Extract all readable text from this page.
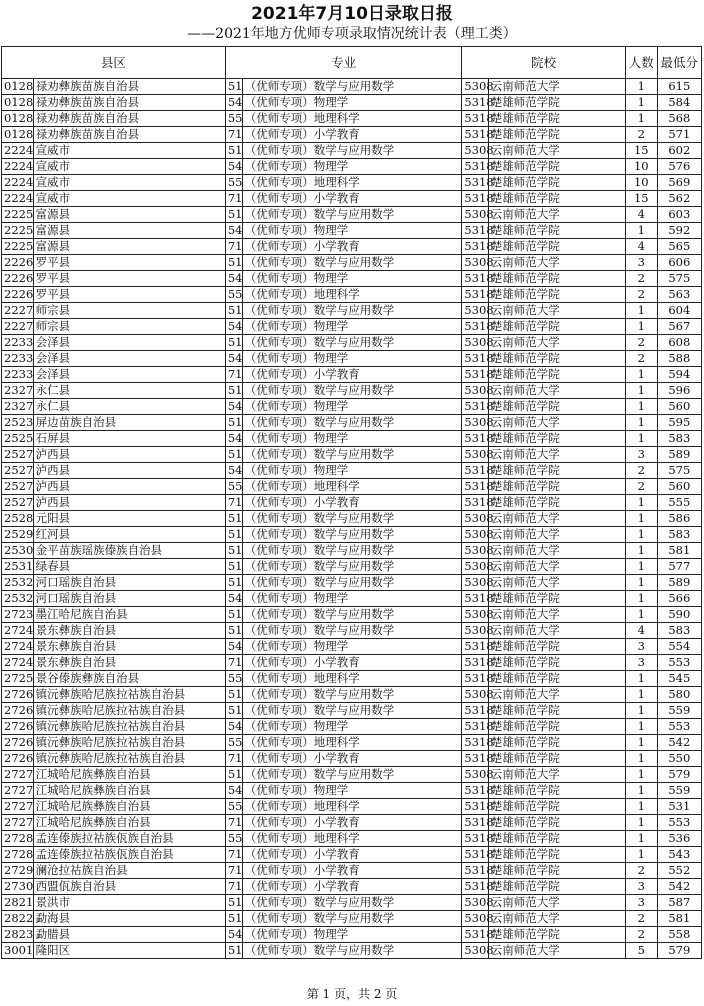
2021年7月10日录取日报
——2021年地方优师专项录取情况统计表（理工类）
县区		专业		院校		人数	最低分
0128	禄劝彝族苗族自治县	51	（优师专项）数学与应用数学	5308	云南师范大学	1	615
0128	禄劝彝族苗族自治县	54	（优师专项）物理学	5318	楚雄师范学院	1	584
0128	禄劝彝族苗族自治县	55	（优师专项）地理科学	5318	楚雄师范学院	1	568
0128	禄劝彝族苗族自治县	71	（优师专项）小学教育	5318	楚雄师范学院	2	571
2224	宣威市	51	（优师专项）数学与应用数学	5308	云南师范大学	15	602
2224	宣威市	54	（优师专项）物理学	5318	楚雄师范学院	10	576
2224	宣威市	55	（优师专项）地理科学	5318	楚雄师范学院	10	569
2224	宣威市	71	（优师专项）小学教育	5318	楚雄师范学院	15	562
2225	富源县	51	（优师专项）数学与应用数学	5308	云南师范大学	4	603
2225	富源县	54	（优师专项）物理学	5318	楚雄师范学院	1	592
2225	富源县	71	（优师专项）小学教育	5318	楚雄师范学院	4	565
2226	罗平县	51	（优师专项）数学与应用数学	5308	云南师范大学	3	606
2226	罗平县	54	（优师专项）物理学	5318	楚雄师范学院	2	575
2226	罗平县	55	（优师专项）地理科学	5318	楚雄师范学院	2	563
2227	师宗县	51	（优师专项）数学与应用数学	5308	云南师范大学	1	604
2227	师宗县	54	（优师专项）物理学	5318	楚雄师范学院	1	567
2233	会泽县	51	（优师专项）数学与应用数学	5308	云南师范大学	2	608
2233	会泽县	54	（优师专项）物理学	5318	楚雄师范学院	2	588
2233	会泽县	71	（优师专项）小学教育	5318	楚雄师范学院	1	594
2327	永仁县	51	（优师专项）数学与应用数学	5308	云南师范大学	1	596
2327	永仁县	54	（优师专项）物理学	5318	楚雄师范学院	1	560
2523	屏边苗族自治县	51	（优师专项）数学与应用数学	5308	云南师范大学	1	595
2525	石屏县	54	（优师专项）物理学	5318	楚雄师范学院	1	583
2527	泸西县	51	（优师专项）数学与应用数学	5308	云南师范大学	3	589
2527	泸西县	54	（优师专项）物理学	5318	楚雄师范学院	2	575
2527	泸西县	55	（优师专项）地理科学	5318	楚雄师范学院	2	560
2527	泸西县	71	（优师专项）小学教育	5318	楚雄师范学院	1	555
2528	元阳县	51	（优师专项）数学与应用数学	5308	云南师范大学	1	586
2529	红河县	51	（优师专项）数学与应用数学	5308	云南师范大学	1	583
2530	金平苗族瑶族傣族自治县	51	（优师专项）数学与应用数学	5308	云南师范大学	1	581
2531	绿春县	51	（优师专项）数学与应用数学	5308	云南师范大学	1	577
2532	河口瑶族自治县	51	（优师专项）数学与应用数学	5308	云南师范大学	1	589
2532	河口瑶族自治县	54	（优师专项）物理学	5318	楚雄师范学院	1	566
2723	墨江哈尼族自治县	51	（优师专项）数学与应用数学	5308	云南师范大学	1	590
2724	景东彝族自治县	51	（优师专项）数学与应用数学	5308	云南师范大学	4	583
2724	景东彝族自治县	54	（优师专项）物理学	5318	楚雄师范学院	3	554
2724	景东彝族自治县	71	（优师专项）小学教育	5318	楚雄师范学院	3	553
2725	景谷傣族彝族自治县	55	（优师专项）地理科学	5318	楚雄师范学院	1	545
2726	镇沅彝族哈尼族拉祜族自治县	51	（优师专项）数学与应用数学	5308	云南师范大学	1	580
2726	镇沅彝族哈尼族拉祜族自治县	51	（优师专项）数学与应用数学	5318	楚雄师范学院	1	559
2726	镇沅彝族哈尼族拉祜族自治县	54	（优师专项）物理学	5318	楚雄师范学院	1	553
2726	镇沅彝族哈尼族拉祜族自治县	55	（优师专项）地理科学	5318	楚雄师范学院	1	542
2726	镇沅彝族哈尼族拉祜族自治县	71	（优师专项）小学教育	5318	楚雄师范学院	1	550
2727	江城哈尼族彝族自治县	51	（优师专项）数学与应用数学	5308	云南师范大学	1	579
2727	江城哈尼族彝族自治县	54	（优师专项）物理学	5318	楚雄师范学院	1	559
2727	江城哈尼族彝族自治县	55	（优师专项）地理科学	5318	楚雄师范学院	1	531
2727	江城哈尼族彝族自治县	71	（优师专项）小学教育	5318	楚雄师范学院	1	553
2728	孟连傣族拉祜族佤族自治县	55	（优师专项）地理科学	5318	楚雄师范学院	1	536
2728	孟连傣族拉祜族佤族自治县	71	（优师专项）小学教育	5318	楚雄师范学院	1	543
2729	澜沧拉祜族自治县	71	（优师专项）小学教育	5318	楚雄师范学院	2	552
2730	西盟佤族自治县	71	（优师专项）小学教育	5318	楚雄师范学院	3	542
2821	景洪市	51	（优师专项）数学与应用数学	5308	云南师范大学	3	587
2822	勐海县	51	（优师专项）数学与应用数学	5308	云南师范大学	2	581
2823	勐腊县	54	（优师专项）物理学	5318	楚雄师范学院	2	558
3001	隆阳区	51	（优师专项）数学与应用数学	5308	云南师范大学	5	579
第 1 页，共 2 页
